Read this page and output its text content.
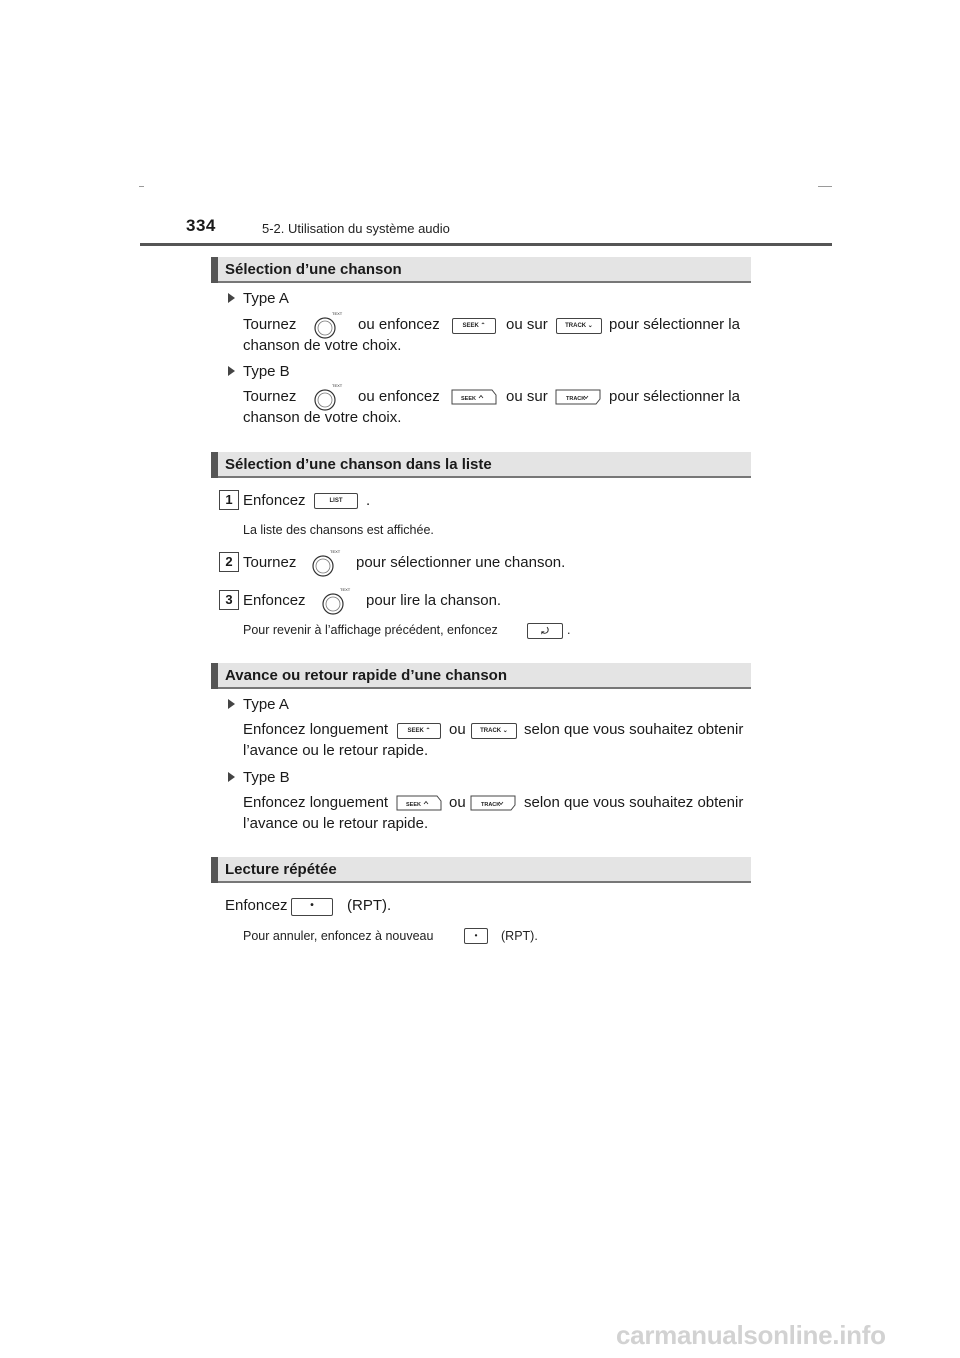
334	5-2. Utilisation du système audio
Sélection d’une chanson
Type A
Tournez
TEXT
ou enfoncez	SEEK ⌃	ou sur	TRACK ⌄	pour sélectionner la
chanson de votre choix.
Type B
Tournez
TEXT
ou enfoncez	SEEK ou sur	TRACK pour sélectionner la
chanson de votre choix.
Sélection d’une chanson dans la liste
1 Enfoncez	LIST	.
La liste des chansons est affichée.
2 Tournez
TEXT
pour sélectionner une chanson.
3 Enfoncez
TEXT
pour lire la chanson.
Pour revenir à l’affichage précédent, enfoncez	⤾	.
Avance ou retour rapide d’une chanson
Type A
Enfoncez longuement	SEEK ⌃	ou	TRACK ⌄	selon que vous souhaitez obtenir
l’avance ou le retour rapide.
Type B
Enfoncez longuement	SEEK ou	TRACK selon que vous souhaitez obtenir
l’avance ou le retour rapide.
Lecture répétée
Enfoncez	•	(RPT).
Pour annuler, enfoncez à nouveau	•	(RPT).
carmanualsonline.info
